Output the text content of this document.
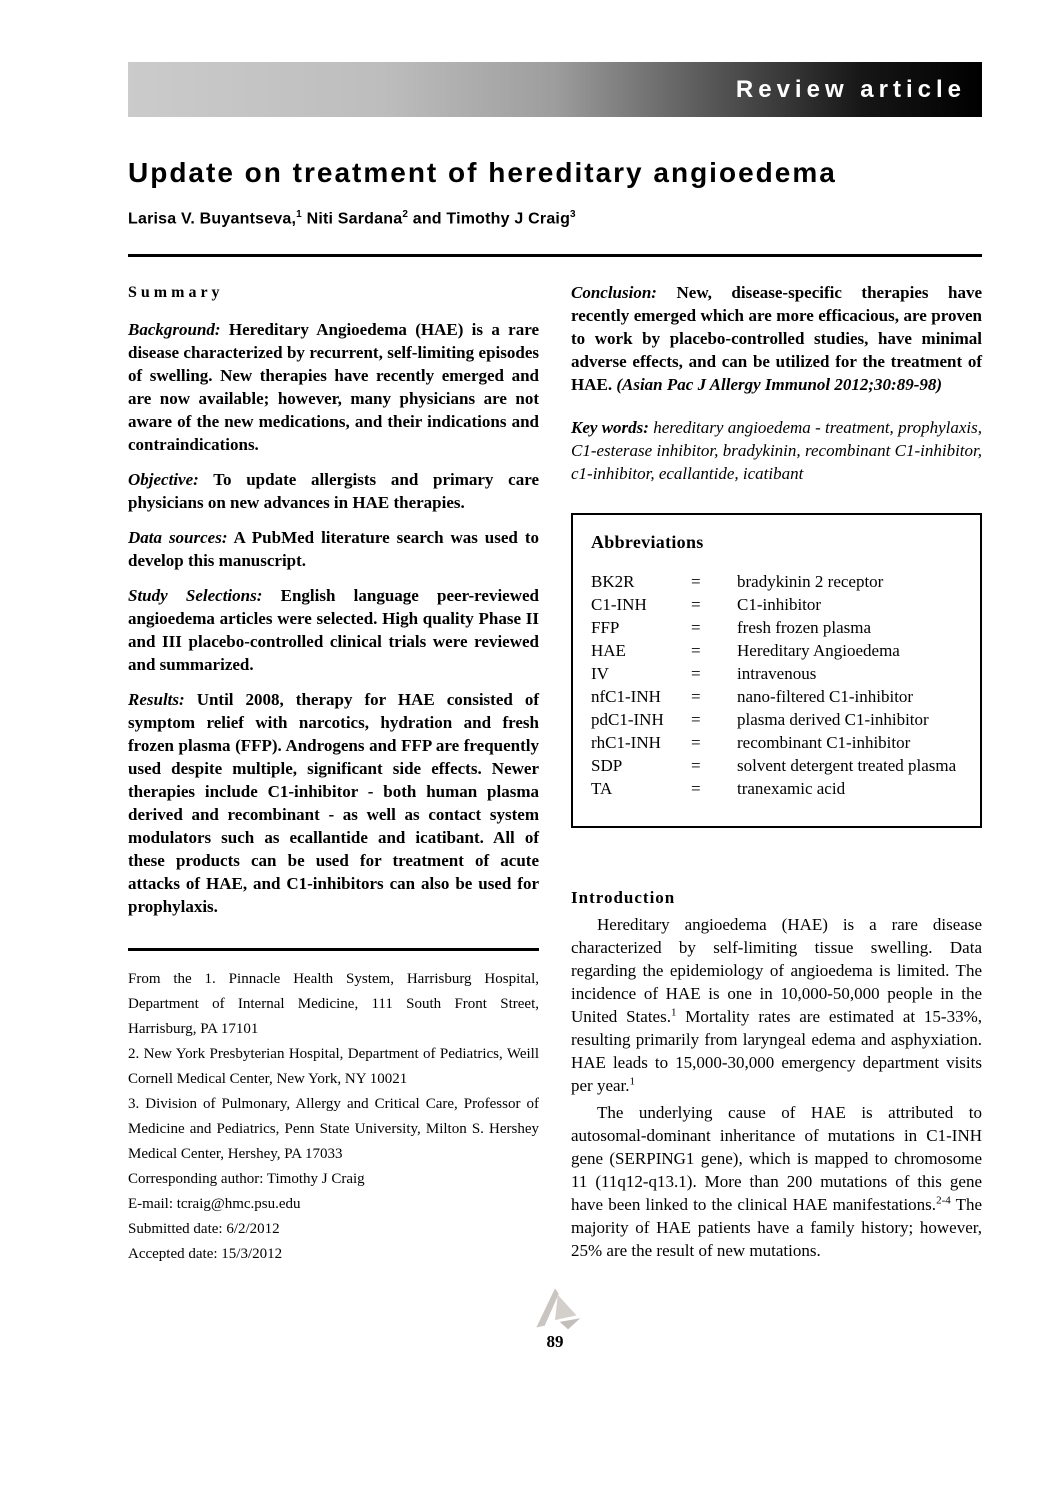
Review article
Update on treatment of hereditary angioedema
Larisa V. Buyantseva,$^1$ Niti Sardana$^2$ and Timothy J Craig$^3$
Summary

Background: Hereditary Angioedema (HAE) is a rare disease characterized by recurrent, self-limiting episodes of swelling. New therapies have recently emerged and are now available; however, many physicians are not aware of the new medications, and their indications and contraindications.

Objective: To update allergists and primary care physicians on new advances in HAE therapies.

Data sources: A PubMed literature search was used to develop this manuscript.

Study Selections: English language peer-reviewed angioedema articles were selected. High quality Phase II and III placebo-controlled clinical trials were reviewed and summarized.

Results: Until 2008, therapy for HAE consisted of symptom relief with narcotics, hydration and fresh frozen plasma (FFP). Androgens and FFP are frequently used despite multiple, significant side effects. Newer therapies include C1-inhibitor - both human plasma derived and recombinant - as well as contact system modulators such as ecallantide and icatibant. All of these products can be used for treatment of acute attacks of HAE, and C1-inhibitors can also be used for prophylaxis.

From the 1. Pinnacle Health System, Harrisburg Hospital, Department of Internal Medicine, 111 South Front Street, Harrisburg, PA 17101

2. New York Presbyterian Hospital, Department of Pediatrics, Weill Cornell Medical Center, New York, NY 10021

3. Division of Pulmonary, Allergy and Critical Care, Professor of Medicine and Pediatrics, Penn State University, Milton S. Hershey Medical Center, Hershey, PA 17033

Corresponding author: Timothy J Craig

E-mail: tcraig@hmc.psu.edu

Submitted date: 6/2/2012

Accepted date: 15/3/2012

Conclusion: New, disease-specific therapies have recently emerged which are more efficacious, are proven to work by placebo-controlled studies, have minimal adverse effects, and can be utilized for the treatment of HAE. (Asian Pac J Allergy Immunol 2012;30:89-98)

Key words: hereditary angioedema - treatment, prophylaxis, C1-esterase inhibitor, bradykinin, recombinant C1-inhibitor, c1-inhibitor, ecallantide, icatibant

Abbreviations
BK2R	=	bradykinin 2 receptor
C1-INH	=	C1-inhibitor
FFP	=	fresh frozen plasma
HAE	=	Hereditary Angioedema
IV	=	intravenous
nfC1-INH	=	nano-filtered C1-inhibitor
pdC1-INH	=	plasma derived C1-inhibitor
rhC1-INH	=	recombinant C1-inhibitor
SDP	=	solvent detergent treated plasma
TA	=	tranexamic acid
Introduction

Hereditary angioedema (HAE) is a rare disease characterized by self-limiting tissue swelling. Data regarding the epidemiology of angioedema is limited. The incidence of HAE is one in 10,000-50,000 people in the United States.$^1$ Mortality rates are estimated at 15-33%, resulting primarily from laryngeal edema and asphyxiation. HAE leads to 15,000-30,000 emergency department visits per year.$^1$

The underlying cause of HAE is attributed to autosomal-dominant inheritance of mutations in C1-INH gene (SERPING1 gene), which is mapped to chromosome 11 (11q12-q13.1). More than 200 mutations of this gene have been linked to the clinical HAE manifestations.$^{2-4}$ The majority of HAE patients have a family history; however, 25% are the result of new mutations.

89
